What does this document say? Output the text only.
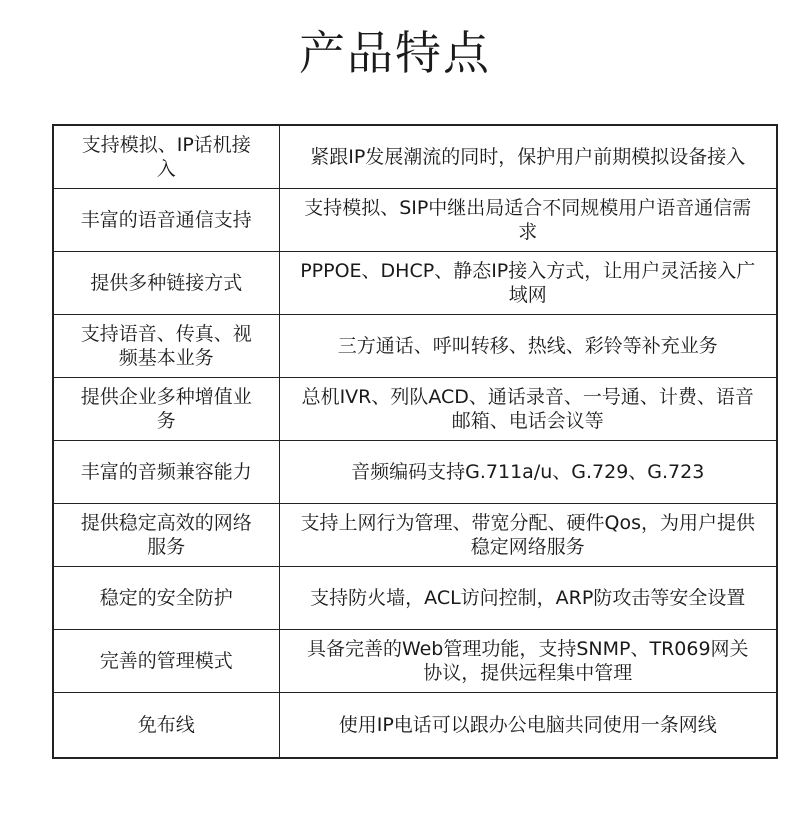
产品特点
支持模拟、IP话机接入	紧跟IP发展潮流的同时，保护用户前期模拟设备接入
丰富的语音通信支持	支持模拟、SIP中继出局适合不同规模用户语音通信需求
提供多种链接方式	PPPOE、DHCP、静态IP接入方式，让用户灵活接入广域网
支持语音、传真、视频基本业务	三方通话、呼叫转移、热线、彩铃等补充业务
提供企业多种增值业务	总机IVR、列队ACD、通话录音、一号通、计费、语音邮箱、电话会议等
丰富的音频兼容能力	音频编码支持G.711a/u、G.729、G.723
提供稳定高效的网络服务	支持上网行为管理、带宽分配、硬件Qos，为用户提供稳定网络服务
稳定的安全防护	支持防火墙，ACL访问控制，ARP防攻击等安全设置
完善的管理模式	具备完善的Web管理功能，支持SNMP、TR069网关协议，提供远程集中管理
免布线	使用IP电话可以跟办公电脑共同使用一条网线
